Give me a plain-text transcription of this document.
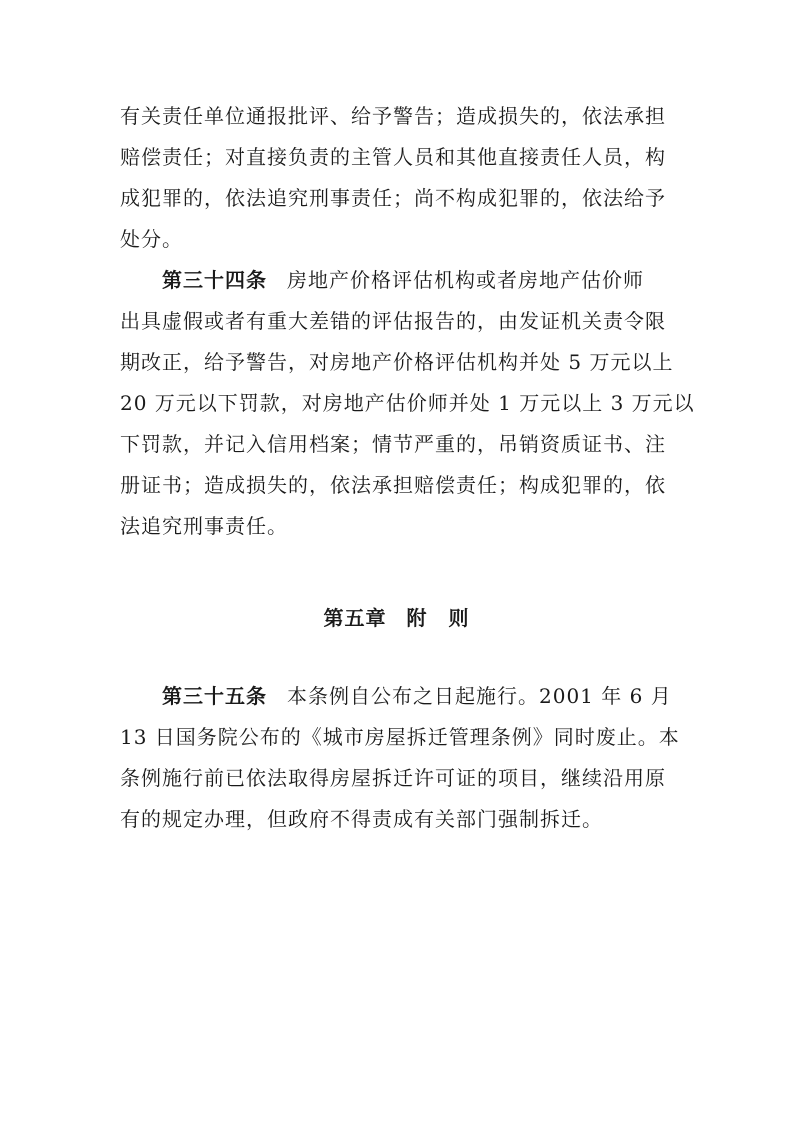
有关责任单位通报批评、给予警告；造成损失的，依法承担
赔偿责任；对直接负责的主管人员和其他直接责任人员，构
成犯罪的，依法追究刑事责任；尚不构成犯罪的，依法给予
处分。
第三十四条 房地产价格评估机构或者房地产估价师
出具虚假或者有重大差错的评估报告的，由发证机关责令限
期改正，给予警告，对房地产价格评估机构并处 5 万元以上
20 万元以下罚款，对房地产估价师并处 1 万元以上 3 万元以
下罚款，并记入信用档案；情节严重的，吊销资质证书、注
册证书；造成损失的，依法承担赔偿责任；构成犯罪的，依
法追究刑事责任。
第五章 附　则
第三十五条 本条例自公布之日起施行。2001 年 6 月
13 日国务院公布的《城市房屋拆迁管理条例》同时废止。本
条例施行前已依法取得房屋拆迁许可证的项目，继续沿用原
有的规定办理，但政府不得责成有关部门强制拆迁。
